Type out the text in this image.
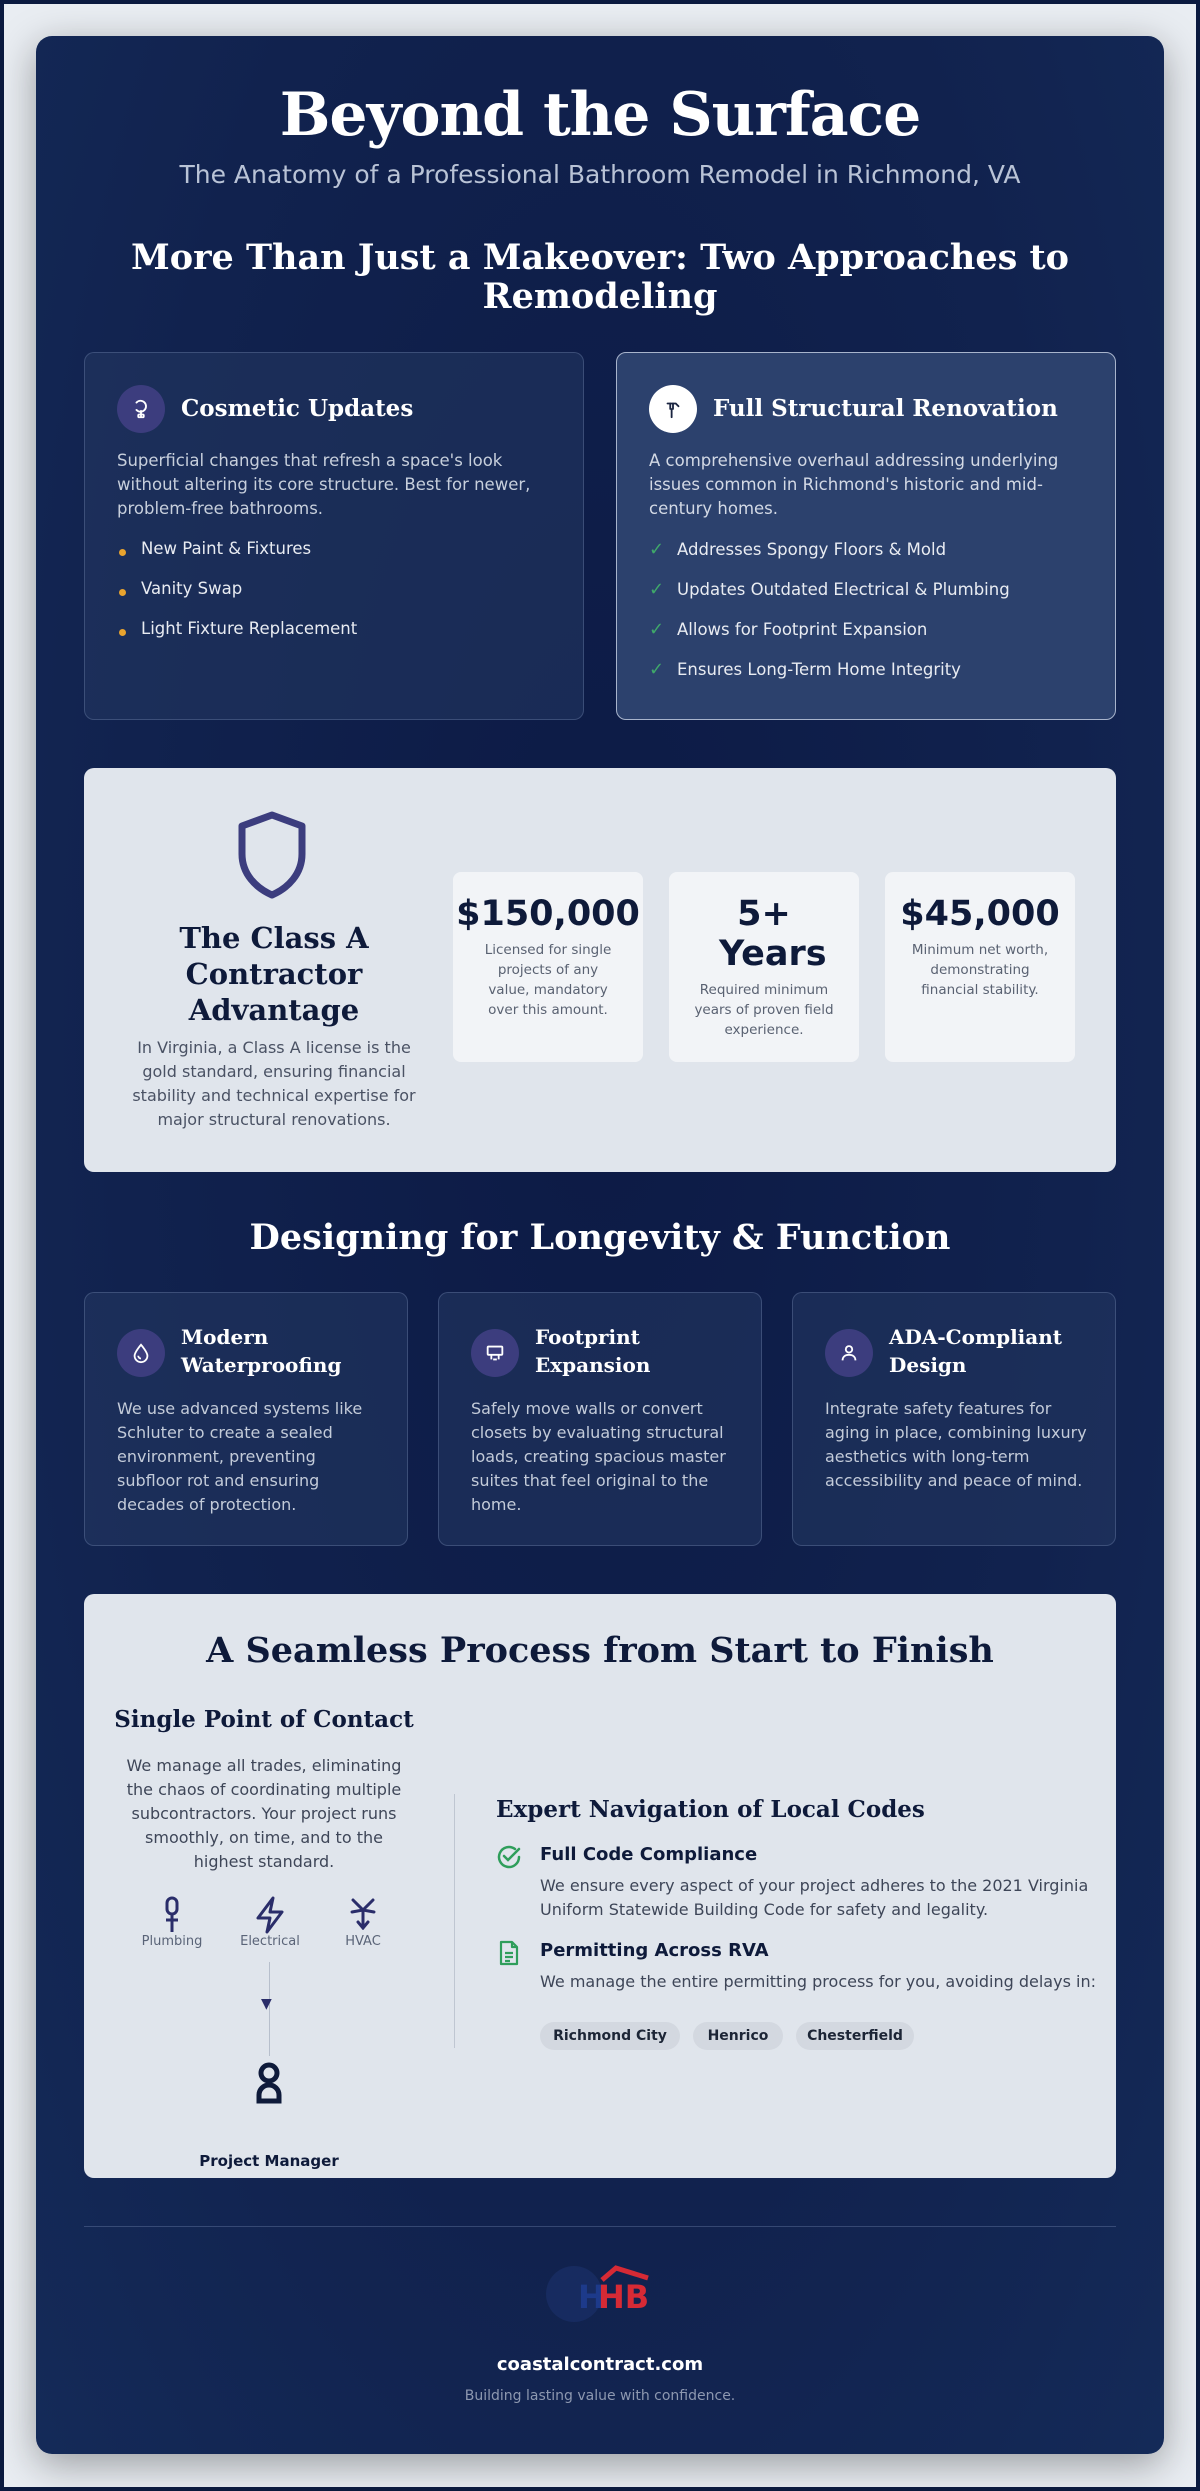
Beyond the Surface
The Anatomy of a Professional Bathroom Remodel in Richmond, VA
More Than Just a Makeover: Two Approaches to Remodeling
Cosmetic Updates
Superficial changes that refresh a space's look without altering its core structure. Best for newer, problem-free bathrooms.
New Paint & Fixtures
Vanity Swap
Light Fixture Replacement
Full Structural Renovation
A comprehensive overhaul addressing underlying issues common in Richmond's historic and mid-century homes.
✓ Addresses Spongy Floors & Mold
✓ Updates Outdated Electrical & Plumbing
✓ Allows for Footprint Expansion
✓ Ensures Long-Term Home Integrity
The Class A Contractor Advantage
In Virginia, a Class A license is the gold standard, ensuring financial stability and technical expertise for major structural renovations.
$150,000
Licensed for single projects of any value, mandatory over this amount.
5+ Years
Required minimum years of proven field experience.
$45,000
Minimum net worth, demonstrating financial stability.
Designing for Longevity & Function
Modern Waterproofing
We use advanced systems like Schluter to create a sealed environment, preventing subfloor rot and ensuring decades of protection.
Footprint Expansion
Safely move walls or convert closets by evaluating structural loads, creating spacious master suites that feel original to the home.
ADA-Compliant Design
Integrate safety features for aging in place, combining luxury aesthetics with long-term accessibility and peace of mind.
A Seamless Process from Start to Finish
Single Point of Contact
We manage all trades, eliminating the chaos of coordinating multiple subcontractors. Your project runs smoothly, on time, and to the highest standard.
Plumbing	Electrical	HVAC
▼
Project Manager
Expert Navigation of Local Codes
Full Code Compliance
We ensure every aspect of your project adheres to the 2021 Virginia Uniform Statewide Building Code for safety and legality.
Permitting Across RVA
We manage the entire permitting process for you, avoiding delays in:
Richmond City	Henrico	Chesterfield
H
HB
coastalcontract.com
Building lasting value with confidence.
